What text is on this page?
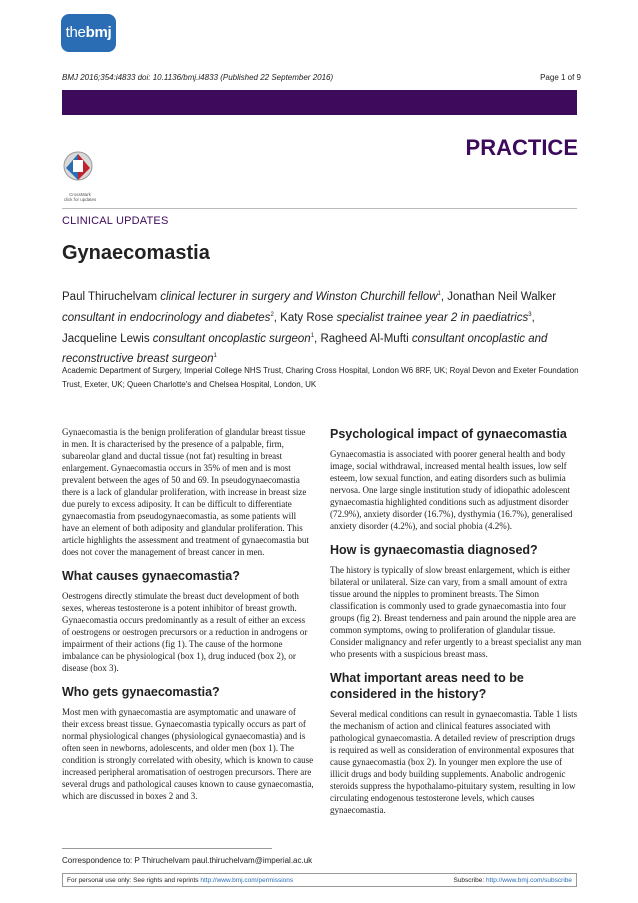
thebmj
BMJ 2016;354:i4833 doi: 10.1136/bmj.i4833 (Published 22 September 2016)	Page 1 of 9
PRACTICE
CrossMark
click for updates
CLINICAL UPDATES
Gynaecomastia
Paul Thiruchelvam clinical lecturer in surgery and Winston Churchill fellow$^1$, Jonathan Neil Walker consultant in endocrinology and diabetes$^2$, Katy Rose specialist trainee year 2 in paediatrics$^3$, Jacqueline Lewis consultant oncoplastic surgeon$^1$, Ragheed Al-Mufti consultant oncoplastic and reconstructive breast surgeon$^1$
Academic Department of Surgery, Imperial College NHS Trust, Charing Cross Hospital, London W6 8RF, UK; Royal Devon and Exeter Foundation Trust, Exeter, UK; Queen Charlotte's and Chelsea Hospital, London, UK

Gynaecomastia is the benign proliferation of glandular breast tissue in men. It is characterised by the presence of a palpable, firm, subareolar gland and ductal tissue (not fat) resulting in breast enlargement. Gynaecomastia occurs in 35% of men and is most prevalent between the ages of 50 and 69. In pseudogynaecomastia there is a lack of glandular proliferation, with increase in breast size due purely to excess adiposity. It can be difficult to differentiate gynaecomastia from pseudogynaecomastia, as some patients will have an element of both adiposity and glandular proliferation. This article highlights the assessment and treatment of gynaecomastia but does not cover the management of breast cancer in men.

What causes gynaecomastia?

Oestrogens directly stimulate the breast duct development of both sexes, whereas testosterone is a potent inhibitor of breast growth. Gynaecomastia occurs predominantly as a result of either an excess of oestrogens or oestrogen precursors or a reduction in androgens or impairment of their actions (fig 1). The cause of the hormone imbalance can be physiological (box 1), drug induced (box 2), or disease (box 3).

Who gets gynaecomastia?

Most men with gynaecomastia are asymptomatic and unaware of their excess breast tissue. Gynaecomastia typically occurs as part of normal physiological changes (physiological gynaecomastia) and is often seen in newborns, adolescents, and older men (box 1). The condition is strongly correlated with obesity, which is known to cause increased peripheral aromatisation of oestrogen precursors. There are several drugs and pathological causes known to cause gynaecomastia, which are discussed in boxes 2 and 3.

Psychological impact of gynaecomastia

Gynaecomastia is associated with poorer general health and body image, social withdrawal, increased mental health issues, low self esteem, low sexual function, and eating disorders such as bulimia nervosa. One large single institution study of idiopathic adolescent gynaecomastia highlighted conditions such as adjustment disorder (72.9%), anxiety disorder (16.7%), dysthymia (16.7%), generalised anxiety disorder (4.2%), and social phobia (4.2%).

How is gynaecomastia diagnosed?

The history is typically of slow breast enlargement, which is either bilateral or unilateral. Size can vary, from a small amount of extra tissue around the nipples to prominent breasts. The Simon classification is commonly used to grade gynaecomastia into four groups (fig 2). Breast tenderness and pain around the nipple area are common symptoms, owing to proliferation of glandular tissue. Consider malignancy and refer urgently to a breast specialist any man who presents with a suspicious breast mass.

What important areas need to be considered in the history?

Several medical conditions can result in gynaecomastia. Table 1 lists the mechanism of action and clinical features associated with pathological gynaecomastia. A detailed review of prescription drugs is required as well as consideration of environmental exposures that cause gynaecomastia (box 2). In younger men explore the use of illicit drugs and body building supplements. Anabolic androgenic steroids suppress the hypothalamo-pituitary system, resulting in low circulating endogenous testosterone levels, which causes gynaecomastia.

Correspondence to: P Thiruchelvam paul.thiruchelvam@imperial.ac.uk
For personal use only: See rights and reprints http://www.bmj.com/permissions	Subscribe: http://www.bmj.com/subscribe
